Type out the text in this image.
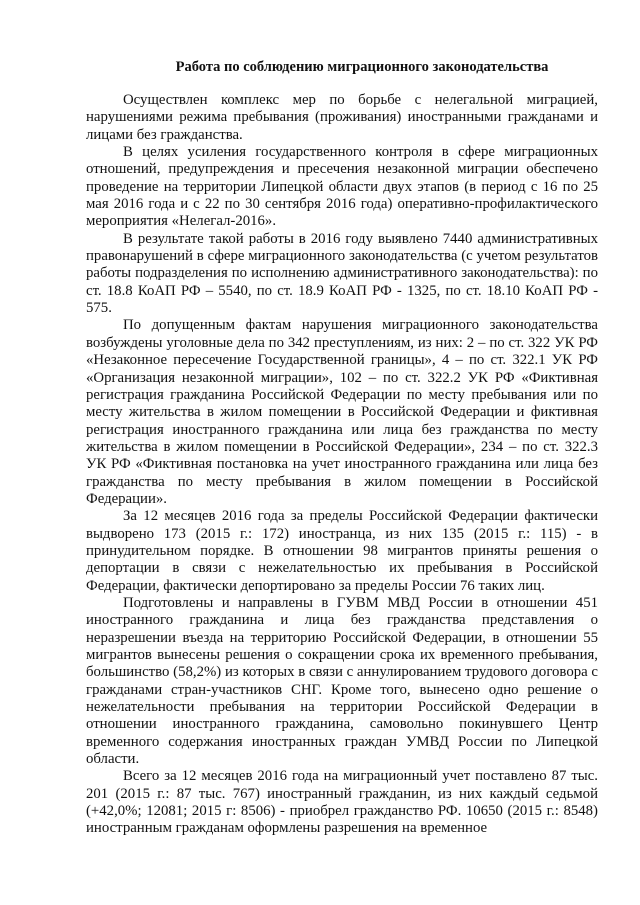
Работа по соблюдению миграционного законодательства

Осуществлен комплекс мер по борьбе с нелегальной миграцией, нарушениями режима пребывания (проживания) иностранными гражданами и лицами без гражданства.

В целях усиления государственного контроля в сфере миграционных отношений, предупреждения и пресечения незаконной миграции обеспечено проведение на территории Липецкой области двух этапов (в период с 16 по 25 мая 2016 года и с 22 по 30 сентября 2016 года) оперативно-профилактического мероприятия «Нелегал-2016».

В результате такой работы в 2016 году выявлено 7440 административных правонарушений в сфере миграционного законодательства (с учетом результатов работы подразделения по исполнению административного законодательства): по ст. 18.8 КоАП РФ – 5540, по ст. 18.9 КоАП РФ - 1325, по ст. 18.10 КоАП РФ - 575.

По допущенным фактам нарушения миграционного законодательства возбуждены уголовные дела по 342 преступлениям, из них: 2 – по ст. 322 УК РФ «Незаконное пересечение Государственной границы», 4 – по ст. 322.1 УК РФ «Организация незаконной миграции», 102 – по ст. 322.2 УК РФ «Фиктивная регистрация гражданина Российской Федерации по месту пребывания или по месту жительства в жилом помещении в Российской Федерации и фиктивная регистрация иностранного гражданина или лица без гражданства по месту жительства в жилом помещении в Российской Федерации», 234 – по ст. 322.3 УК РФ «Фиктивная постановка на учет иностранного гражданина или лица без гражданства по месту пребывания в жилом помещении в Российской Федерации».

За 12 месяцев 2016 года за пределы Российской Федерации фактически выдворено 173 (2015 г.: 172) иностранца, из них 135 (2015 г.: 115) - в принудительном порядке. В отношении 98 мигрантов приняты решения о депортации в связи с нежелательностью их пребывания в Российской Федерации, фактически депортировано за пределы России 76 таких лиц.

Подготовлены и направлены в ГУВМ МВД России в отношении 451 иностранного гражданина и лица без гражданства представления о неразрешении въезда на территорию Российской Федерации, в отношении 55 мигрантов вынесены решения о сокращении срока их временного пребывания, большинство (58,2%) из которых в связи с аннулированием трудового договора с гражданами стран-участников СНГ. Кроме того, вынесено одно решение о нежелательности пребывания на территории Российской Федерации в отношении иностранного гражданина, самовольно покинувшего Центр временного содержания иностранных граждан УМВД России по Липецкой области.

Всего за 12 месяцев 2016 года на миграционный учет поставлено 87 тыс. 201 (2015 г.: 87 тыс. 767) иностранный гражданин, из них каждый седьмой (+42,0%; 12081; 2015 г: 8506) - приобрел гражданство РФ. 10650 (2015 г.: 8548) иностранным гражданам оформлены разрешения на временное
